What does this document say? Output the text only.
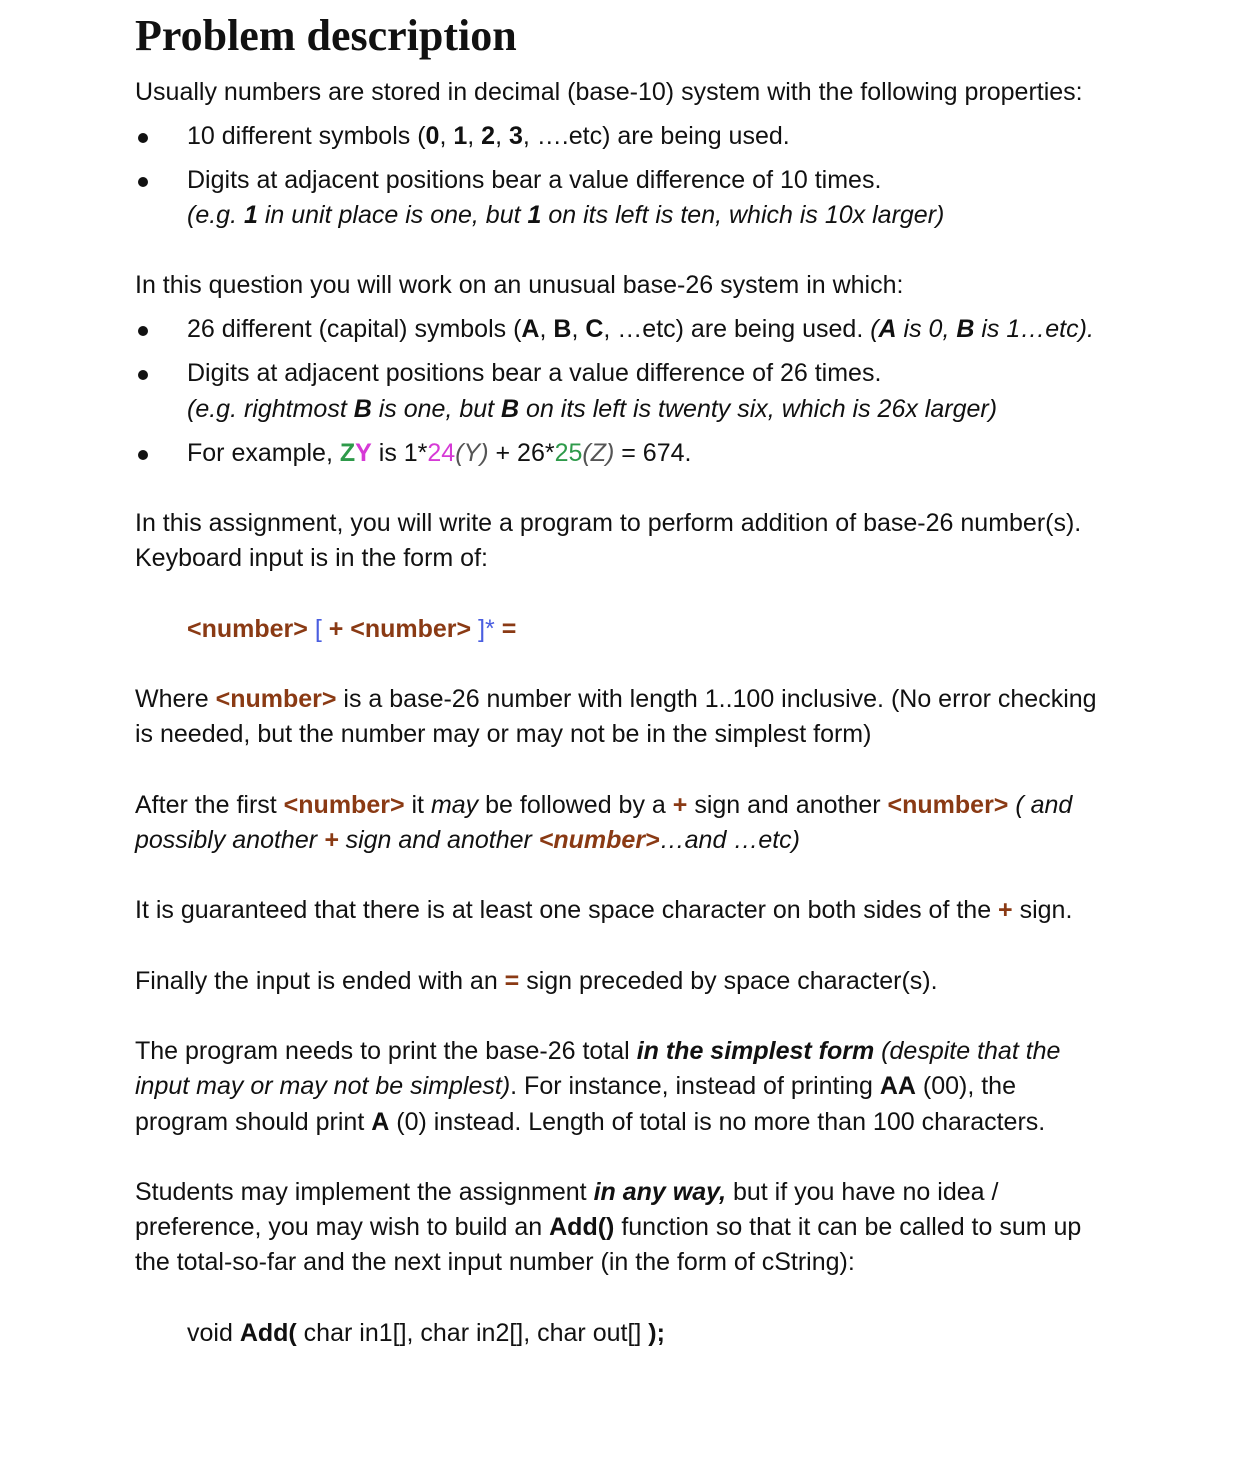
Problem description
Usually numbers are stored in decimal (base-10) system with the following properties:
10 different symbols (0, 1, 2, 3, ….etc) are being used.
Digits at adjacent positions bear a value difference of 10 times.
(e.g. 1 in unit place is one, but 1 on its left is ten, which is 10x larger)
In this question you will work on an unusual base-26 system in which:
26 different (capital) symbols (A, B, C, …etc) are being used. (A is 0, B is 1…etc).
Digits at adjacent positions bear a value difference of 26 times.
(e.g. rightmost B is one, but B on its left is twenty six, which is 26x larger)
For example, ZY is 1*24(Y) + 26*25(Z) = 674.
In this assignment, you will write a program to perform addition of base-26 number(s).
Keyboard input is in the form of:
<number> [ + <number> ]* =
Where <number> is a base-26 number with length 1..100 inclusive. (No error checking
is needed, but the number may or may not be in the simplest form)
After the first <number> it may be followed by a + sign and another <number> ( and
possibly another + sign and another <number>…and …etc)
It is guaranteed that there is at least one space character on both sides of the + sign.
Finally the input is ended with an = sign preceded by space character(s).
The program needs to print the base-26 total in the simplest form (despite that the
input may or may not be simplest). For instance, instead of printing AA (00), the
program should print A (0) instead. Length of total is no more than 100 characters.
Students may implement the assignment in any way, but if you have no idea /
preference, you may wish to build an Add() function so that it can be called to sum up
the total-so-far and the next input number (in the form of cString):
void Add( char in1[], char in2[], char out[] );
